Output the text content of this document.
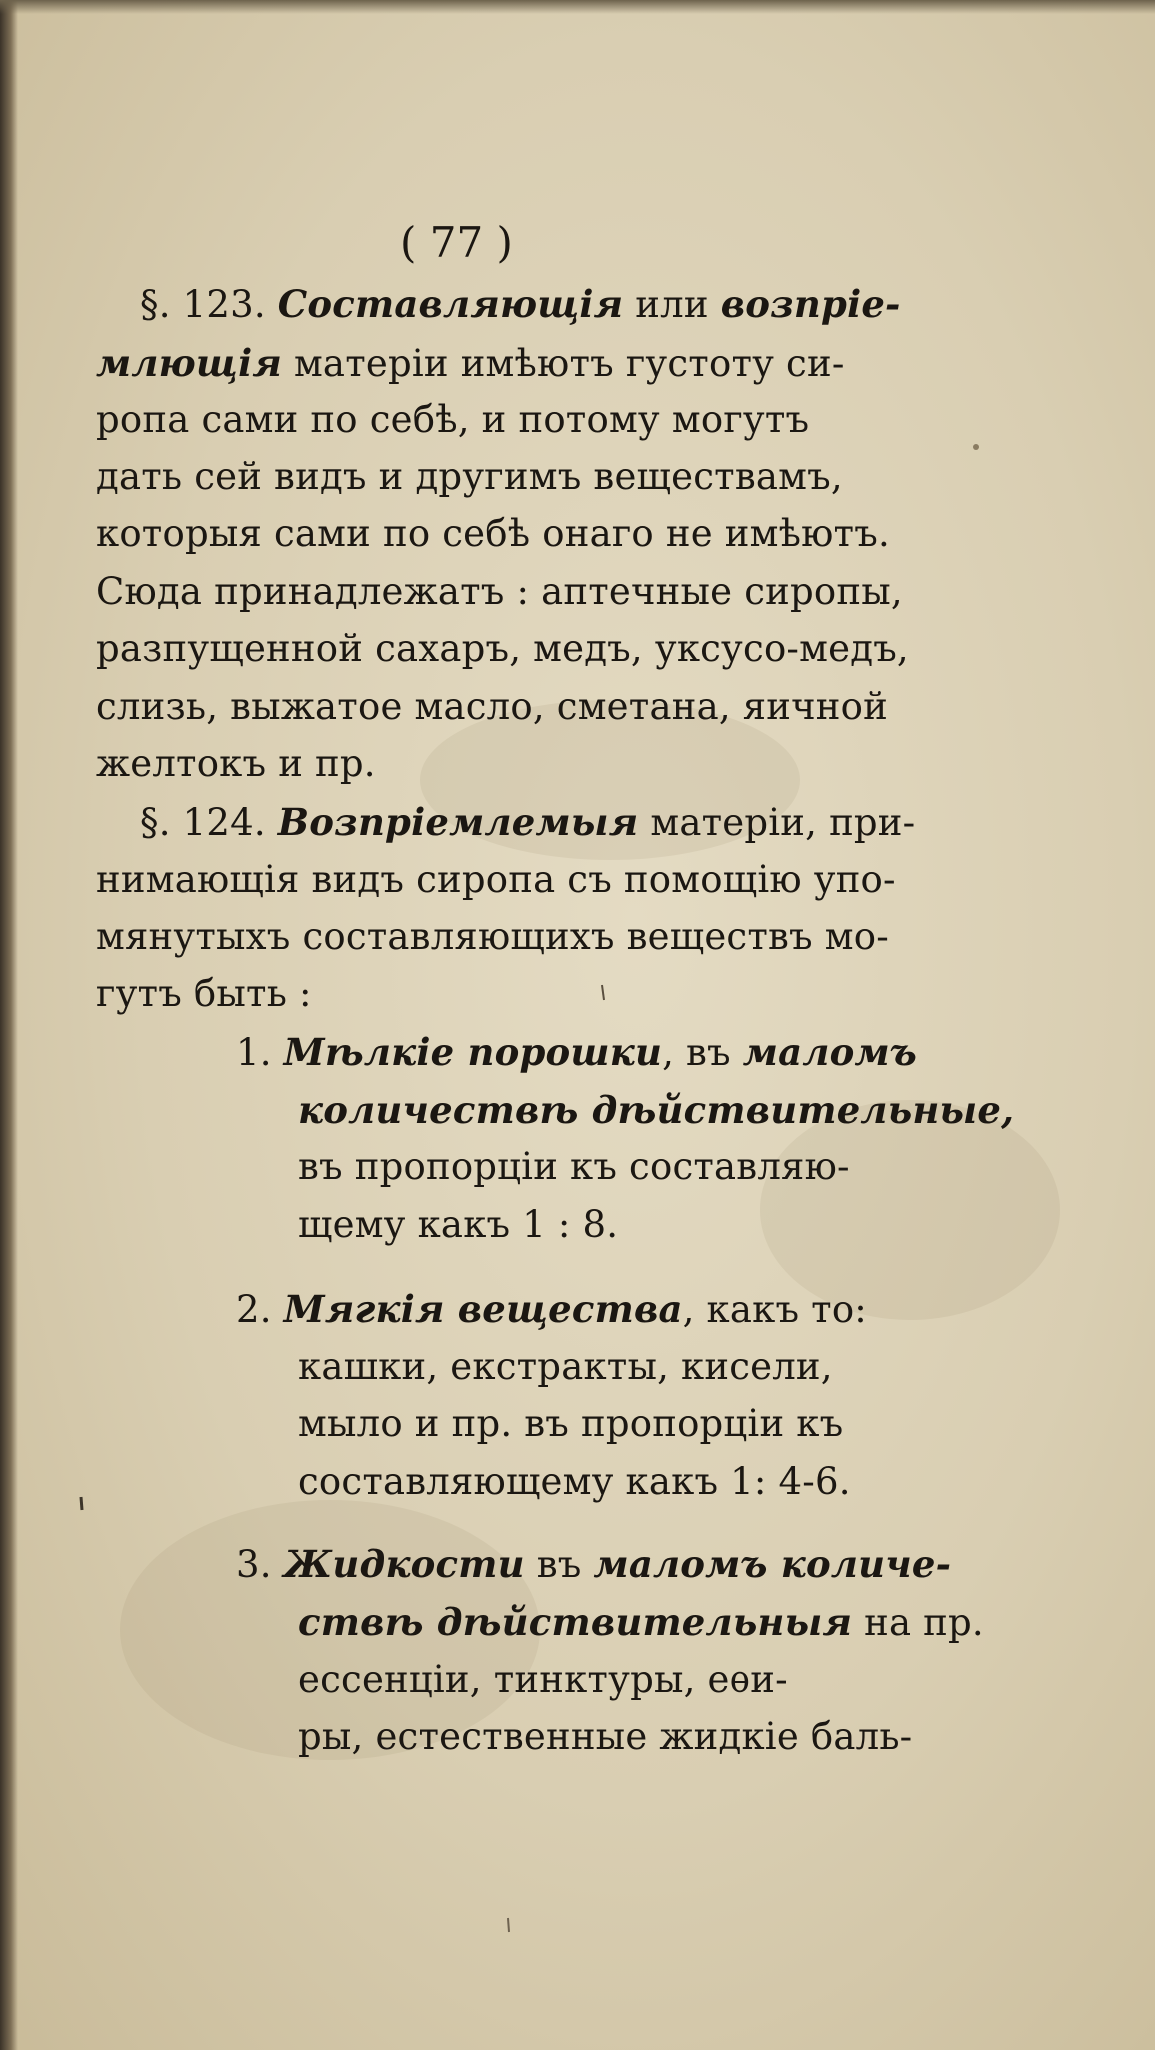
( 77 )
§. 123. Составляющія или возпріе-
млющія матеріи имѣютъ густоту си-
ропа сами по себѣ, и потому могутъ
дать сей видъ и другимъ веществамъ,
которыя сами по себѣ онаго не имѣютъ.
Сюда принадлежатъ : аптечные сиропы,
разпущенной сахаръ, медъ, уксусо-медъ,
слизь, выжатое масло, сметана, яичной
желтокъ и пр.
§. 124. Возпріемлемыя матеріи, при-
нимающія видъ сиропа съ помощію упо-
мянутыхъ составляющихъ веществъ мо-
гутъ быть :
1. Мѣлкіе порошки, въ маломъ
количествѣ дѣйствительные,
въ пропорціи къ составляю-
щему какъ 1 : 8.
2. Мягкія вещества, какъ то:
кашки, екстракты, кисели,
мыло и пр. въ пропорціи къ
составляющему какъ 1: 4-6.
3. Жидкости въ маломъ количе-
ствѣ дѣйствительныя на пр.
ессенціи, тинктуры, еѳи-
ры, естественные жидкіе баль-
